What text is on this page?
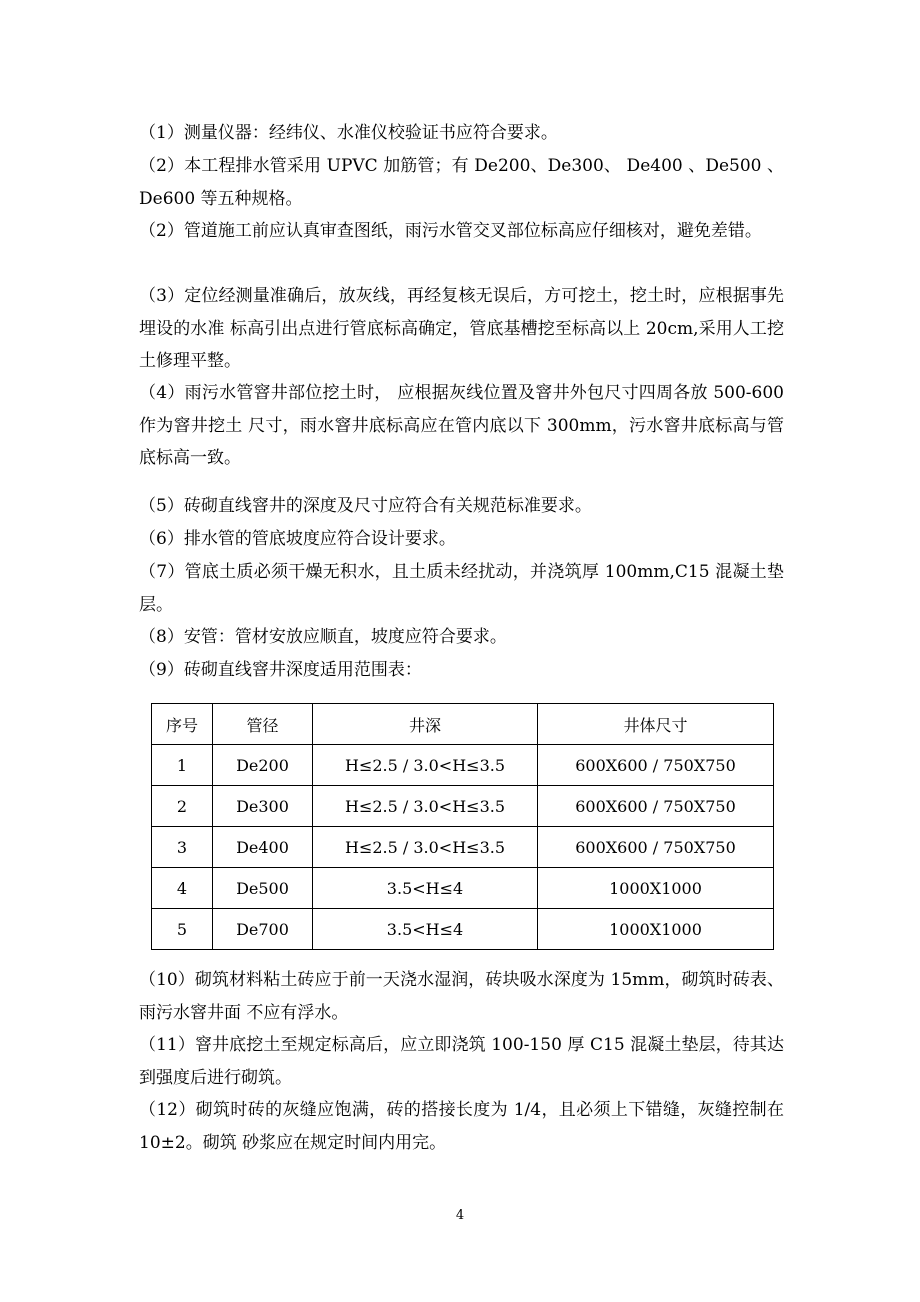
（1）测量仪器：经纬仪、水准仪校验证书应符合要求。

（2）本工程排水管采用 UPVC 加筋管；有 De200、De300、 De400 、De500 、De600 等五种规格。

（2）管道施工前应认真审查图纸，雨污水管交叉部位标高应仔细核对，避免差错。

（3）定位经测量准确后，放灰线，再经复核无误后，方可挖土，挖土时，应根据事先埋设的水准 标高引出点进行管底标高确定，管底基槽挖至标高以上 20cm,采用人工挖土修理平整。

（4）雨污水管窨井部位挖土时， 应根据灰线位置及窨井外包尺寸四周各放 500-600 作为窨井挖土 尺寸，雨水窨井底标高应在管内底以下 300mm，污水窨井底标高与管底标高一致。

（5）砖砌直线窨井的深度及尺寸应符合有关规范标准要求。

（6）排水管的管底坡度应符合设计要求。

（7）管底土质必须干燥无积水，且土质未经扰动，并浇筑厚 100mm,C15 混凝土垫层。

（8）安管：管材安放应顺直，坡度应符合要求。

（9）砖砌直线窨井深度适用范围表：

序号	管径	井深	井体尺寸
1	De200	H≤2.5 / 3.0<H≤3.5	600X600 / 750X750
2	De300	H≤2.5 / 3.0<H≤3.5	600X600 / 750X750
3	De400	H≤2.5 / 3.0<H≤3.5	600X600 / 750X750
4	De500	3.5<H≤4	1000X1000
5	De700	3.5<H≤4	1000X1000

（10）砌筑材料粘土砖应于前一天浇水湿润，砖块吸水深度为 15mm，砌筑时砖表、雨污水窨井面 不应有浮水。

（11）窨井底挖土至规定标高后，应立即浇筑 100-150 厚 C15 混凝土垫层，待其达到强度后进行砌筑。

（12）砌筑时砖的灰缝应饱满，砖的搭接长度为 1/4，且必须上下错缝，灰缝控制在 10±2。砌筑 砂浆应在规定时间内用完。

4
